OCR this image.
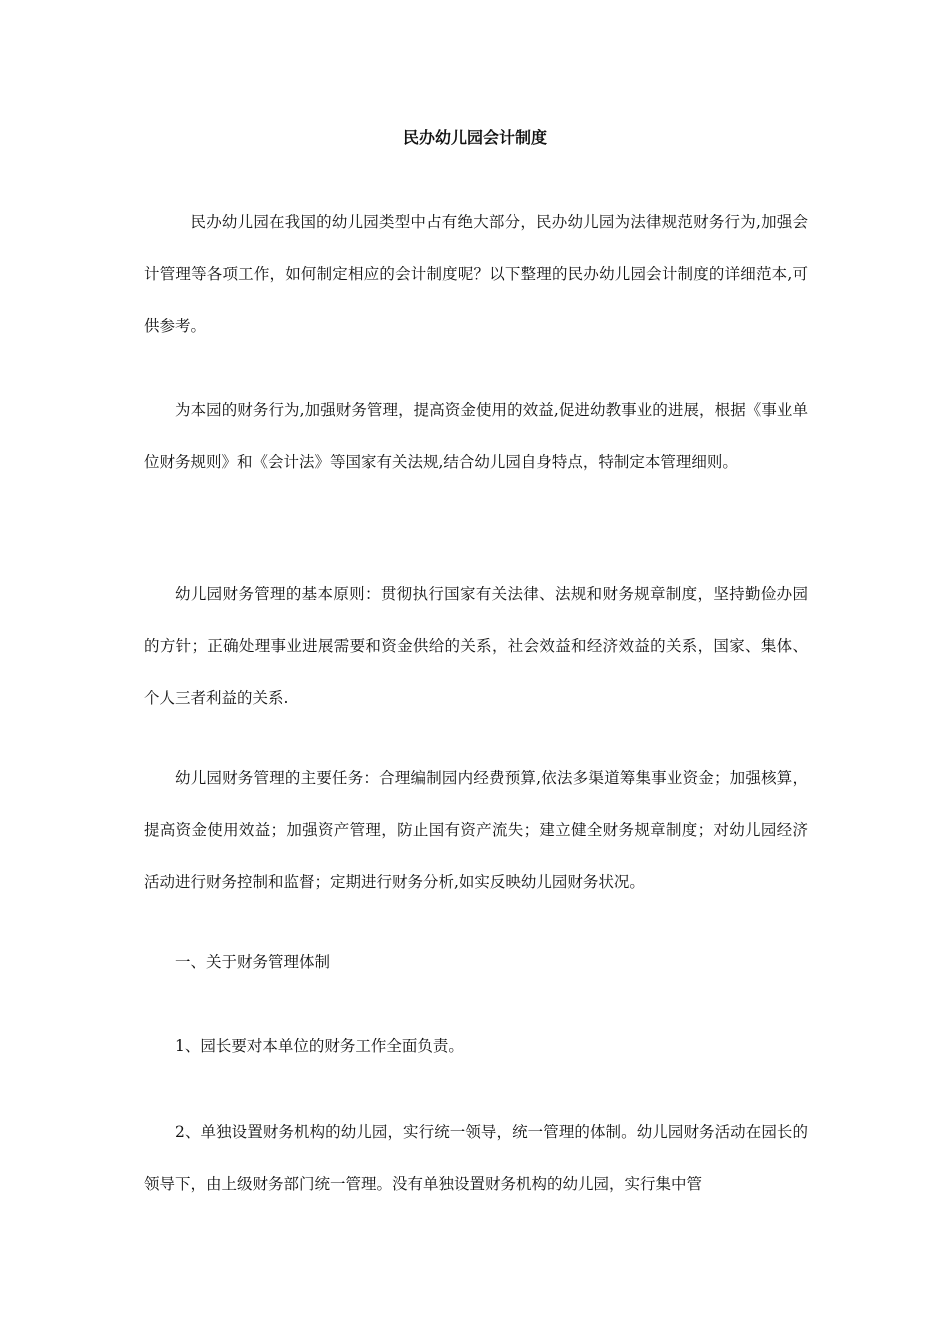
民办幼儿园会计制度

民办幼儿园在我国的幼儿园类型中占有绝大部分，民办幼儿园为法律规范财务行为,加强会计管理等各项工作，如何制定相应的会计制度呢？以下整理的民办幼儿园会计制度的详细范本,可供参考。

为本园的财务行为,加强财务管理，提高资金使用的效益,促进幼教事业的进展，根据《事业单位财务规则》和《会计法》等国家有关法规,结合幼儿园自身特点，特制定本管理细则。

幼儿园财务管理的基本原则：贯彻执行国家有关法律、法规和财务规章制度，坚持勤俭办园的方针；正确处理事业进展需要和资金供给的关系，社会效益和经济效益的关系，国家、集体、个人三者利益的关系.

幼儿园财务管理的主要任务：合理编制园内经费预算,依法多渠道筹集事业资金；加强核算，提高资金使用效益；加强资产管理，防止国有资产流失；建立健全财务规章制度；对幼儿园经济活动进行财务控制和监督；定期进行财务分析,如实反映幼儿园财务状况。

一、关于财务管理体制

1、园长要对本单位的财务工作全面负责。

2、单独设置财务机构的幼儿园，实行统一领导，统一管理的体制。幼儿园财务活动在园长的领导下，由上级财务部门统一管理。没有单独设置财务机构的幼儿园，实行集中管
